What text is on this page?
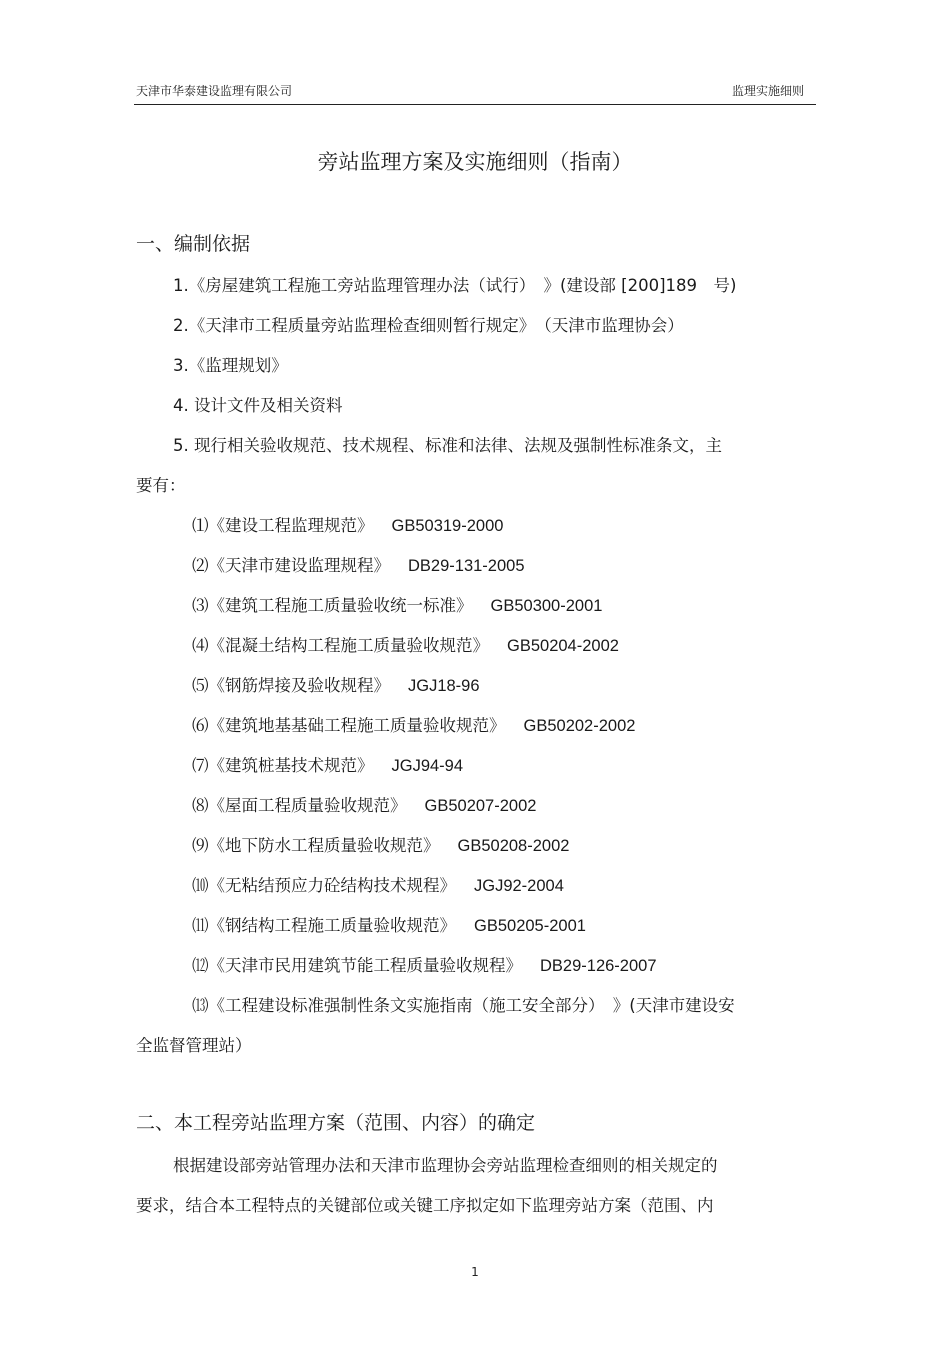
天津市华泰建设监理有限公司	监理实施细则
旁站监理方案及实施细则（指南）
一、编制依据
1.《房屋建筑工程施工旁站监理管理办法（试行）　》(建设部 [200]189　号)
2.《天津市工程质量旁站监理检查细则暂行规定》　（天津市监理协会）
3.《监理规划》
4. 设计文件及相关资料
5. 现行相关验收规范、技术规程、标准和法律、法规及强制性标准条文，主
要有：
⑴《建设工程监理规范》 GB50319-2000
⑵《天津市建设监理规程》 DB29-131-2005
⑶《建筑工程施工质量验收统一标准》 GB50300-2001
⑷《混凝土结构工程施工质量验收规范》 GB50204-2002
⑸《钢筋焊接及验收规程》 JGJ18-96
⑹《建筑地基基础工程施工质量验收规范》 GB50202-2002
⑺《建筑桩基技术规范》 JGJ94-94
⑻《屋面工程质量验收规范》 GB50207-2002
⑼《地下防水工程质量验收规范》 GB50208-2002
⑽《无粘结预应力砼结构技术规程》 JGJ92-2004
⑾《钢结构工程施工质量验收规范》 GB50205-2001
⑿《天津市民用建筑节能工程质量验收规程》 DB29-126-2007
⒀《工程建设标准强制性条文实施指南（施工安全部分）　》(天津市建设安
全监督管理站）
二、本工程旁站监理方案（范围、内容）的确定
根据建设部旁站管理办法和天津市监理协会旁站监理检查细则的相关规定的
要求，结合本工程特点的关键部位或关键工序拟定如下监理旁站方案（范围、内
1
